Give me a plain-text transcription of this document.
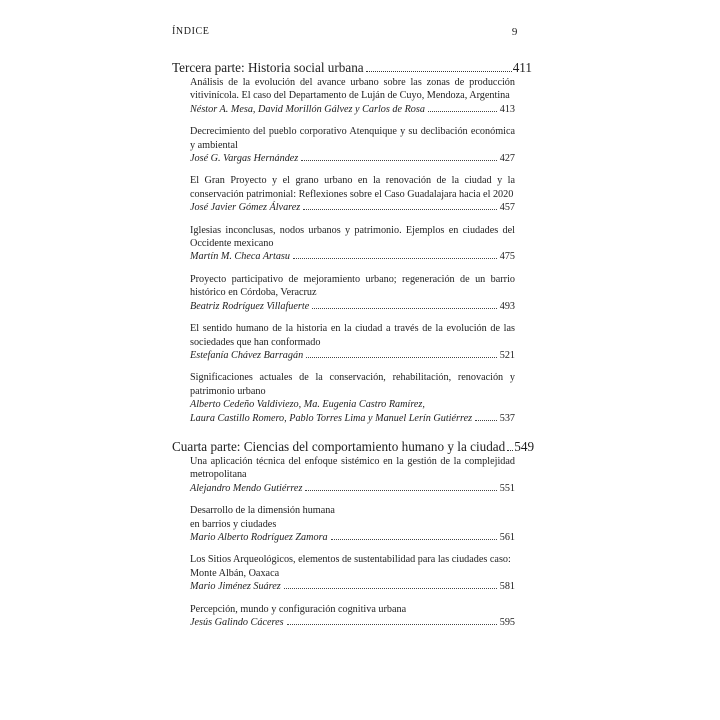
ÍNDICE	9
Tercera parte: Historia social urbana	411
Análisis de la evolución del avance urbano sobre las zonas de producción vitivinícola. El caso del Departamento de Luján de Cuyo, Mendoza, Argentina
Néstor A. Mesa, David Morillón Gálvez y Carlos de Rosa	413
Decrecimiento del pueblo corporativo Atenquique y su declibación económica y ambiental
José G. Vargas Hernández	427
El Gran Proyecto y el grano urbano en la renovación de la ciudad y la conservación patrimonial: Reflexiones sobre el Caso Guadalajara hacia el 2020
José Javier Gómez Álvarez	457
Iglesias inconclusas, nodos urbanos y patrimonio. Ejemplos en ciudades del Occidente mexicano
Martín M. Checa Artasu	475
Proyecto participativo de mejoramiento urbano; regeneración de un barrio histórico en Córdoba, Veracruz
Beatriz Rodríguez Villafuerte	493
El sentido humano de la historia en la ciudad a través de la evolución de las sociedades que han conformado
Estefanía Chávez Barragán	521
Significaciones actuales de la conservación, rehabilitación, renovación y patrimonio urbano
Alberto Cedeño Valdiviezo, Ma. Eugenia Castro Ramírez,
Laura Castillo Romero, Pablo Torres Lima y Manuel Lerín Gutiérrez	537
Cuarta parte: Ciencias del comportamiento humano y la ciudad 549
Una aplicación técnica del enfoque sistémico en la gestión de la complejidad metropolitana
Alejandro Mendo Gutiérrez	551
Desarrollo de la dimensión humana
en barrios y ciudades
Mario Alberto Rodríguez Zamora	561
Los Sitios Arqueológicos, elementos de sustentabilidad para las ciudades caso:
Monte Albán, Oaxaca
Mario Jiménez Suárez	581
Percepción, mundo y configuración cognitiva urbana
Jesús Galindo Cáceres	595
